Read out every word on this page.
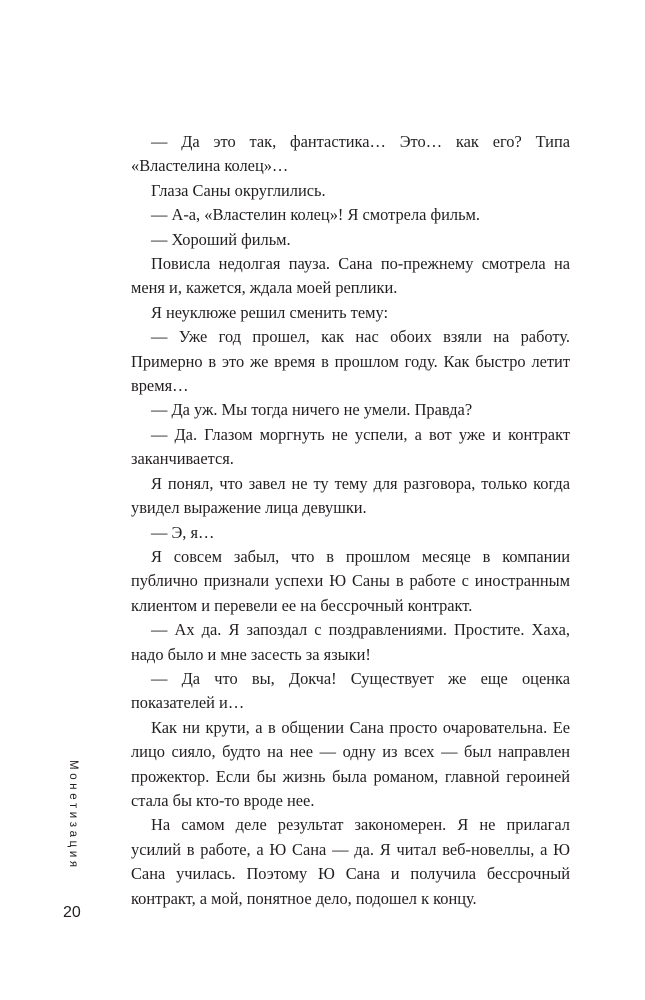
— Да это так, фантастика… Это… как его? Типа «Властелина колец»…

Глаза Саны округлились.

— А-а, «Властелин колец»! Я смотрела фильм.

— Хороший фильм.

Повисла недолгая пауза. Сана по-прежнему смотрела на меня и, кажется, ждала моей реплики.

Я неуклюже решил сменить тему:

— Уже год прошел, как нас обоих взяли на работу. Примерно в это же время в прошлом году. Как быстро летит время…

— Да уж. Мы тогда ничего не умели. Правда?

— Да. Глазом моргнуть не успели, а вот уже и контракт заканчивается.

Я понял, что завел не ту тему для разговора, только когда увидел выражение лица девушки.

— Э, я…

Я совсем забыл, что в прошлом месяце в компании публично признали успехи Ю Саны в работе с иностранным клиентом и перевели ее на бессрочный контракт.

— Ах да. Я запоздал с поздравлениями. Простите. Хаха, надо было и мне засесть за языки!

— Да что вы, Докча! Существует же еще оценка показателей и…

Как ни крути, а в общении Сана просто очаровательна. Ее лицо сияло, будто на нее — одну из всех — был направлен прожектор. Если бы жизнь была романом, главной героиней стала бы кто-то вроде нее.

На самом деле результат закономерен. Я не прилагал усилий в работе, а Ю Сана — да. Я читал веб-новеллы, а Ю Сана училась. Поэтому Ю Сана и получила бессрочный контракт, а мой, понятное дело, подошел к концу.

Монетизация
20
